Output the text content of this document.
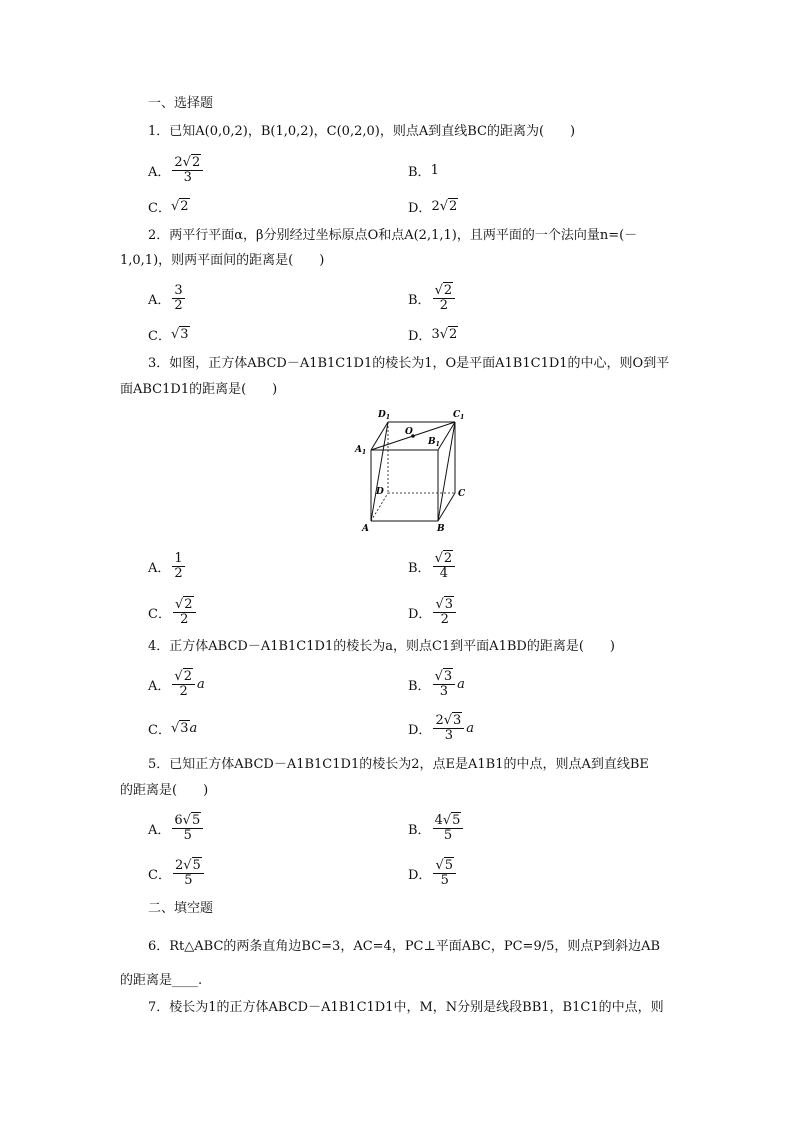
一、选择题
1．已知A(0,0,2)，B(1,0,2)，C(0,2,0)，则点A到直线BC的距离为(　　)
A． $\frac{2√2}{3}$	B． 1
C． √2	D． 2√2
2．两平行平面α，β分别经过坐标原点O和点A(2,1,1)，且两平面的一个法向量n=(－
1,0,1)，则两平面间的距离是(　　)
A． $\frac{3}{2}$	B． $\frac{√2}{2}$
C． √3	D． 3√2
3．如图，正方体ABCD－A1B1C1D1的棱长为1，O是平面A1B1C1D1的中心，则O到平
面ABC1D1的距离是(　　)
$D_1$	$C_1$
O
$B_1$
$A_1$
D	C
A	B
A． $\frac{1}{2}$	B． $\frac{√2}{4}$
C． $\frac{√2}{2}$	D． $\frac{√3}{2}$
4．正方体ABCD－A1B1C1D1的棱长为a，则点C1到平面A1BD的距离是(　　)
A． $\frac{√2}{2}$ a	B． $\frac{√3}{3}$ a
C． √3a	D． $\frac{2√3}{3}$ a
5．已知正方体ABCD－A1B1C1D1的棱长为2，点E是A1B1的中点，则点A到直线BE
的距离是(　　)
A． $\frac{6√5}{5}$	B． $\frac{4√5}{5}$
C． $\frac{2√5}{5}$	D． $\frac{√5}{5}$
二、填空题
6．Rt△ABC的两条直角边BC=3，AC=4，PC⊥平面ABC，PC=9/5，则点P到斜边AB
的距离是____.
7．棱长为1的正方体ABCD－A1B1C1D1中，M，N分别是线段BB1，B1C1的中点，则
